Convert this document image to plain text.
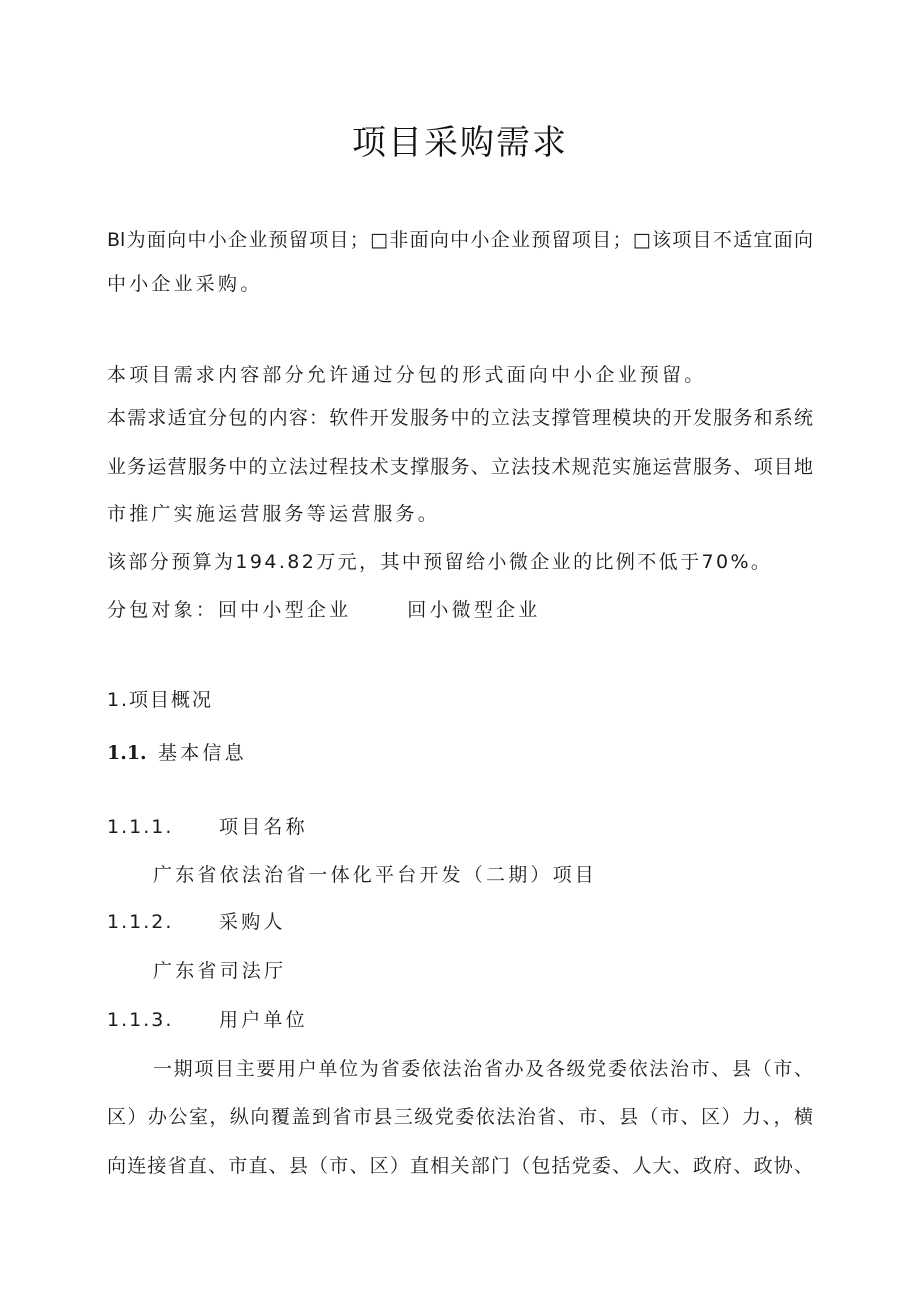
项目采购需求
Bl为面向中小企业预留项目；□非面向中小企业预留项目；□该项目不适宜面向
中小企业采购。
本项目需求内容部分允许通过分包的形式面向中小企业预留。
本需求适宜分包的内容：软件开发服务中的立法支撑管理模块的开发服务和系统
业务运营服务中的立法过程技术支撑服务、立法技术规范实施运营服务、项目地
市推广实施运营服务等运营服务。
该部分预算为194.82万元，其中预留给小微企业的比例不低于70%。
分包对象：回中小型企业	回小微型企业
1.项目概况
1.1. 基本信息
1.1.1. 项目名称
广东省依法治省一体化平台开发（二期）项目
1.1.2. 采购人
广东省司法厅
1.1.3. 用户单位
一期项目主要用户单位为省委依法治省办及各级党委依法治市、县（市、
区）办公室，纵向覆盖到省市县三级党委依法治省、市、县（市、区）力、，横
向连接省直、市直、县（市、区）直相关部门（包括党委、人大、政府、政协、
